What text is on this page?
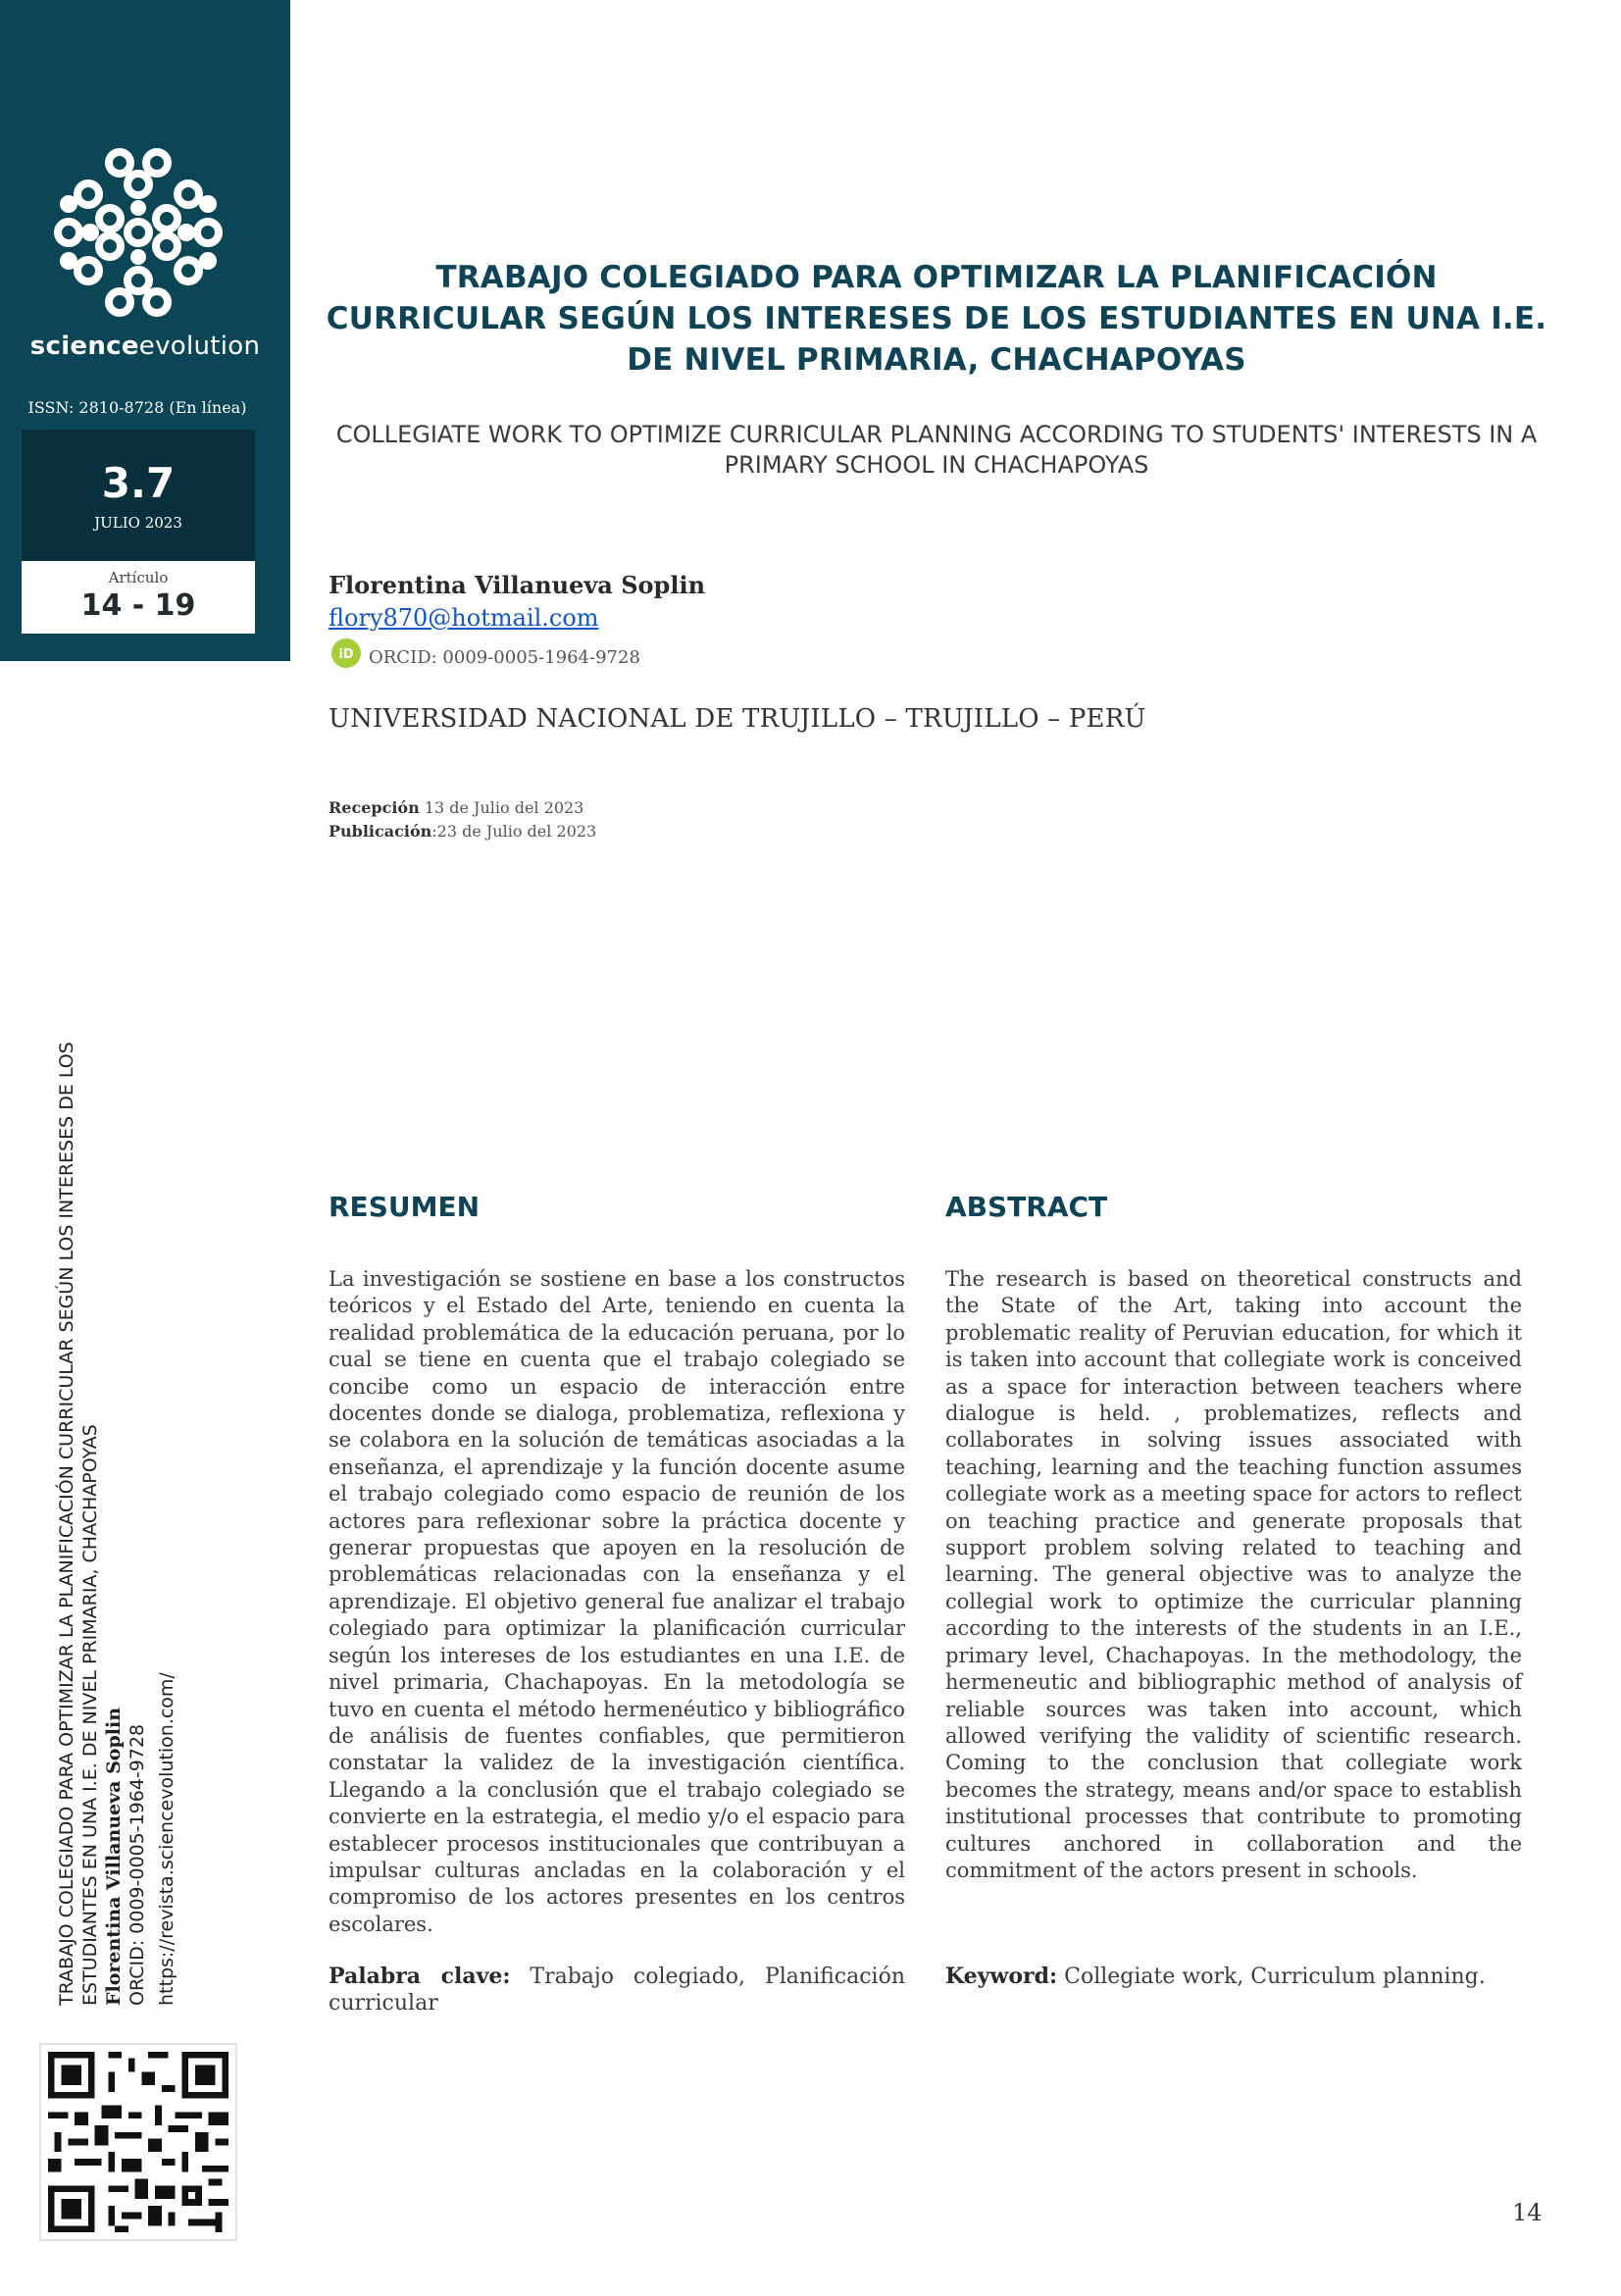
scienceevolution
ISSN: 2810-8728 (En línea)
3.7
JULIO 2023
Artículo
14 - 19
TRABAJO COLEGIADO PARA OPTIMIZAR LA PLANIFICACIÓN CURRICULAR SEGÚN LOS INTERESES DE LOS ESTUDIANTES EN UNA I.E. DE NIVEL PRIMARIA, CHACHAPOYAS Florentina Villanueva Soplin ORCID: 0009-0005-1964-9728 https://revista.sciencevolution.com/
TRABAJO COLEGIADO PARA OPTIMIZAR LA PLANIFICACIÓN CURRICULAR SEGÚN LOS INTERESES DE LOS ESTUDIANTES EN UNA I.E. DE NIVEL PRIMARIA, CHACHAPOYAS
COLLEGIATE WORK TO OPTIMIZE CURRICULAR PLANNING ACCORDING TO STUDENTS' INTERESTS IN A PRIMARY SCHOOL IN CHACHAPOYAS
Florentina Villanueva Soplin
flory870@hotmail.com
iD ORCID: 0009-0005-1964-9728
UNIVERSIDAD NACIONAL DE TRUJILLO – TRUJILLO – PERÚ
Recepción 13 de Julio del 2023
Publicación:23 de Julio del 2023
RESUMEN

La investigación se sostiene en base a los constructos teóricos y el Estado del Arte, teniendo en cuenta la realidad problemática de la educación peruana, por lo cual se tiene en cuenta que el trabajo colegiado se concibe como un espacio de interacción entre docentes donde se dialoga, problematiza, reflexiona y se colabora en la solución de temáticas asociadas a la enseñanza, el aprendizaje y la función docente asume el trabajo colegiado como espacio de reunión de los actores para reflexionar sobre la práctica docente y generar propuestas que apoyen en la resolución de problemáticas relacionadas con la enseñanza y el aprendizaje. El objetivo general fue analizar el trabajo colegiado para optimizar la planificación curricular según los intereses de los estudiantes en una I.E. de nivel primaria, Chachapoyas. En la metodología se tuvo en cuenta el método hermenéutico y bibliográfico de análisis de fuentes confiables, que permitieron constatar la validez de la investigación científica. Llegando a la conclusión que el trabajo colegiado se convierte en la estrategia, el medio y/o el espacio para establecer procesos institucionales que contribuyan a impulsar culturas ancladas en la colaboración y el compromiso de los actores presentes en los centros escolares.

Palabra clave: Trabajo colegiado, Planificación curricular

ABSTRACT

The research is based on theoretical constructs and the State of the Art, taking into account the problematic reality of Peruvian education, for which it is taken into account that collegiate work is conceived as a space for interaction between teachers where dialogue is held. , problematizes, reflects and collaborates in solving issues associated with teaching, learning and the teaching function assumes collegiate work as a meeting space for actors to reflect on teaching practice and generate proposals that support problem solving related to teaching and learning. The general objective was to analyze the collegial work to optimize the curricular planning according to the interests of the students in an I.E., primary level, Chachapoyas. In the methodology, the hermeneutic and bibliographic method of analysis of reliable sources was taken into account, which allowed verifying the validity of scientific research. Coming to the conclusion that collegiate work becomes the strategy, means and/or space to establish institutional processes that contribute to promoting cultures anchored in collaboration and the commitment of the actors present in schools.

Keyword: Collegiate work, Curriculum planning.

14
